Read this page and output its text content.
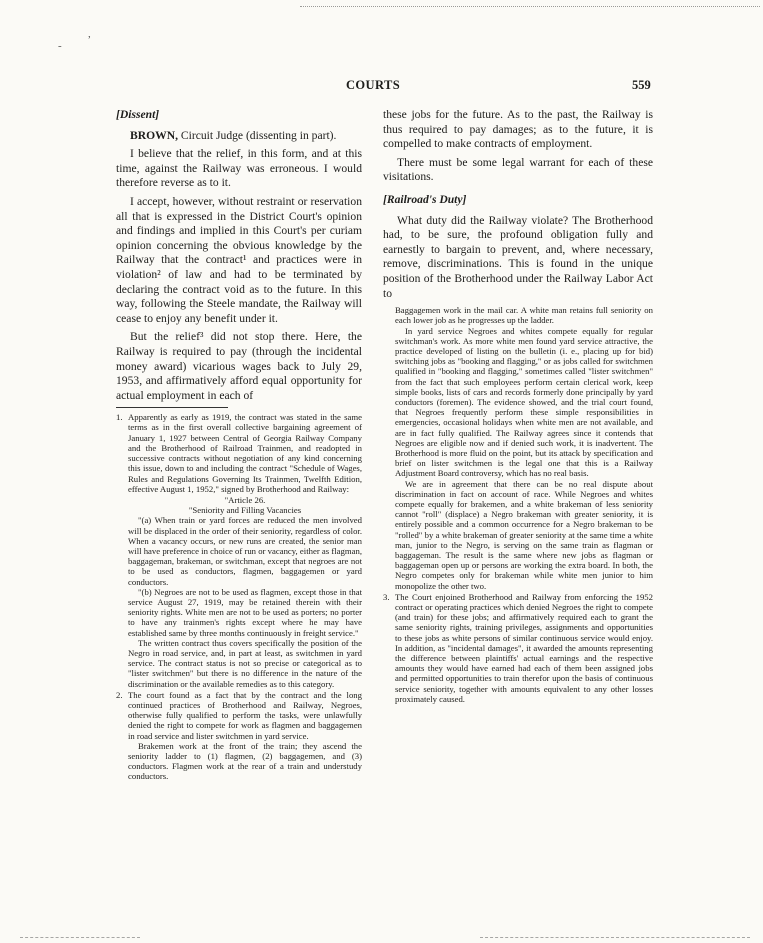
,
-
COURTS	559
[Dissent]

BROWN, Circuit Judge (dissenting in part).

I believe that the relief, in this form, and at this time, against the Railway was erroneous. I would therefore reverse as to it.

I accept, however, without restraint or reservation all that is expressed in the District Court's opinion and findings and implied in this Court's per curiam opinion concerning the obvious knowledge by the Railway that the contract¹ and practices were in violation² of law and had to be terminated by declaring the contract void as to the future. In this way, following the Steele mandate, the Railway will cease to enjoy any benefit under it.

But the relief³ did not stop there. Here, the Railway is required to pay (through the incidental money award) vicarious wages back to July 29, 1953, and affirmatively afford equal opportunity for actual employment in each of

1. Apparently as early as 1919, the contract was stated in the same terms as in the first overall collective bargaining agreement of January 1, 1927 between Central of Georgia Railway Company and the Brotherhood of Railroad Trainmen, and readopted in successive contracts without negotiation of any kind concerning this issue, down to and including the contract "Schedule of Wages, Rules and Regulations Governing Its Trainmen, Twelfth Edition, effective August 1, 1952," signed by Brotherhood and Railway:

"Article 26.

"Seniority and Filling Vacancies

"(a) When train or yard forces are reduced the men involved will be displaced in the order of their seniority, regardless of color. When a vacancy occurs, or new runs are created, the senior man will have preference in choice of run or vacancy, either as flagman, baggageman, brakeman, or switchman, except that negroes are not to be used as conductors, flagmen, baggagemen or yard conductors.

"(b) Negroes are not to be used as flagmen, except those in that service August 27, 1919, may be retained therein with their seniority rights. White men are not to be used as porters; no porter to have any trainmen's rights except where he may have established same by three months continuously in freight service."

The written contract thus covers specifically the position of the Negro in road service, and, in part at least, as switchmen in yard service. The contract status is not so precise or categorical as to "lister switchmen" but there is no difference in the nature of the discrimination or the available remedies as to this category.

2. The court found as a fact that by the contract and the long continued practices of Brotherhood and Railway, Negroes, otherwise fully qualified to perform the tasks, were unlawfully denied the right to compete for work as flagmen and baggagemen in road service and lister switchmen in yard service.

Brakemen work at the front of the train; they ascend the seniority ladder to (1) flagmen, (2) baggagemen, and (3) conductors. Flagmen work at the rear of a train and understudy conductors.

these jobs for the future. As to the past, the Railway is thus required to pay damages; as to the future, it is compelled to make contracts of employment.

There must be some legal warrant for each of these visitations.

[Railroad's Duty]

What duty did the Railway violate? The Brotherhood had, to be sure, the profound obligation fully and earnestly to bargain to prevent, and, where necessary, remove, discriminations. This is found in the unique position of the Brotherhood under the Railway Labor Act to

Baggagemen work in the mail car. A white man retains full seniority on each lower job as he progresses up the ladder.

In yard service Negroes and whites compete equally for regular switchman's work. As more white men found yard service attractive, the practice developed of listing on the bulletin (i. e., placing up for bid) switching jobs as "booking and flagging," or as jobs called for switchmen qualified in "booking and flagging," sometimes called "lister switchmen" from the fact that such employees perform certain clerical work, keep simple books, lists of cars and records formerly done principally by yard conductors (foremen). The evidence showed, and the trial court found, that Negroes frequently perform these simple responsibilities in emergencies, occasional holidays when white men are not available, and are in fact fully qualified. The Railway agrees since it contends that Negroes are eligible now and if denied such work, it is inadvertent. The Brotherhood is more fluid on the point, but its attack by specification and brief on lister switchmen is the legal one that this is a Railway Adjustment Board controversy, which has no real basis.

We are in agreement that there can be no real dispute about discrimination in fact on account of race. While Negroes and whites compete equally for brakemen, and a white brakeman of less seniority cannot "roll" (displace) a Negro brakeman with greater seniority, it is entirely possible and a common occurrence for a Negro brakeman to be "rolled" by a white brakeman of greater seniority at the same time a white man, junior to the Negro, is serving on the same train as flagman or baggageman. The result is the same where new jobs as flagman or baggageman open up or persons are working the extra board. In both, the Negro competes only for brakeman while white men junior to him monopolize the other two.

3. The Court enjoined Brotherhood and Railway from enforcing the 1952 contract or operating practices which denied Negroes the right to compete (and train) for these jobs; and affirmatively required each to grant the same seniority rights, training privileges, assignments and opportunities to these jobs as white persons of similar continuous service would enjoy. In addition, as "incidental damages", it awarded the amounts representing the difference between plaintiffs' actual earnings and the respective amounts they would have earned had each of them been assigned jobs and permitted opportunities to train therefor upon the basis of continuous service seniority, together with amounts equivalent to any other losses proximately caused.
